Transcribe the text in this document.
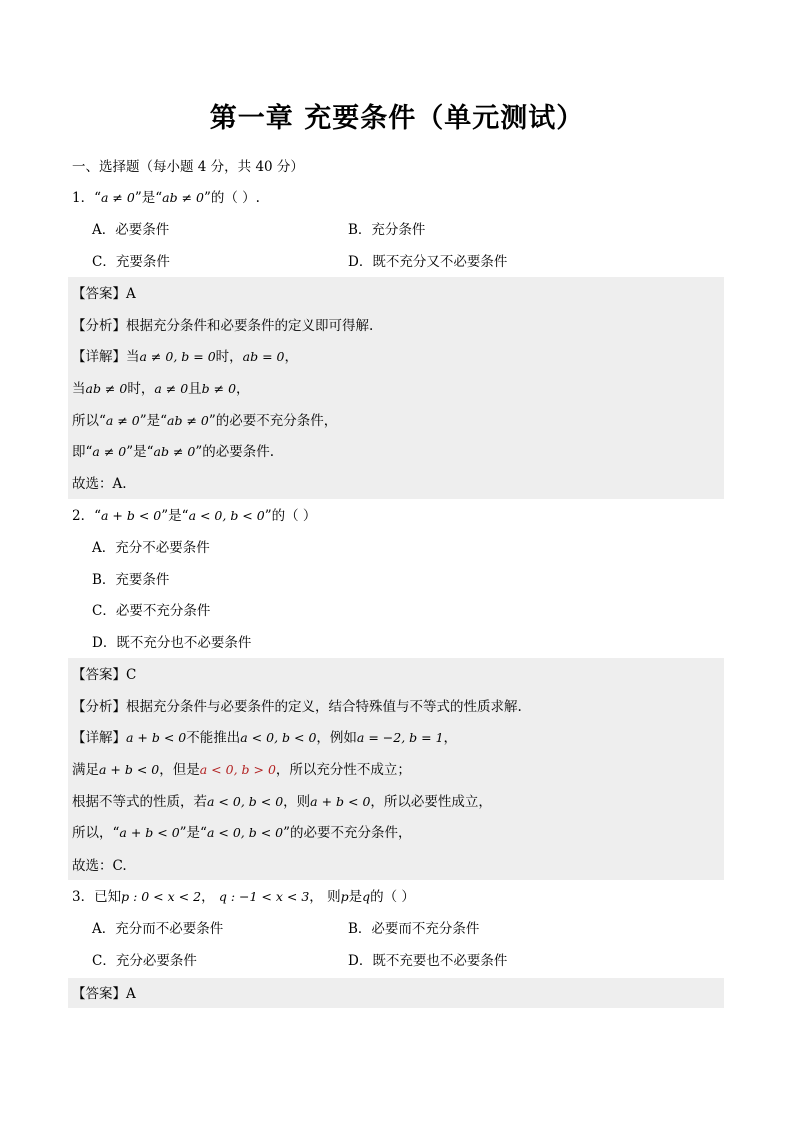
第一章 充要条件（单元测试）
一、选择题（每小题 4 分，共 40 分）
1．“a ≠ 0”是“ab ≠ 0”的（ ）.
A．必要条件	B．充分条件
C．充要条件	D．既不充分又不必要条件
【答案】A
【分析】根据充分条件和必要条件的定义即可得解.
【详解】当a ≠ 0, b = 0时，ab = 0，
当ab ≠ 0时，a ≠ 0且b ≠ 0，
所以“a ≠ 0”是“ab ≠ 0”的必要不充分条件，
即“a ≠ 0”是“ab ≠ 0”的必要条件.
故选：A.
2．“a + b < 0”是“a < 0, b < 0”的（ ）
A．充分不必要条件
B．充要条件
C．必要不充分条件
D．既不充分也不必要条件
【答案】C
【分析】根据充分条件与必要条件的定义，结合特殊值与不等式的性质求解.
【详解】a + b < 0不能推出a < 0, b < 0，例如a = −2, b = 1，
满足a + b < 0，但是a < 0, b > 0，所以充分性不成立；
根据不等式的性质，若a < 0, b < 0，则a + b < 0，所以必要性成立，
所以，“a + b < 0”是“a < 0, b < 0”的必要不充分条件，
故选：C.
3．已知p : 0 < x < 2， q : −1 < x < 3， 则p是q的（ ）
A．充分而不必要条件	B．必要而不充分条件
C．充分必要条件	D．既不充要也不必要条件
【答案】A
